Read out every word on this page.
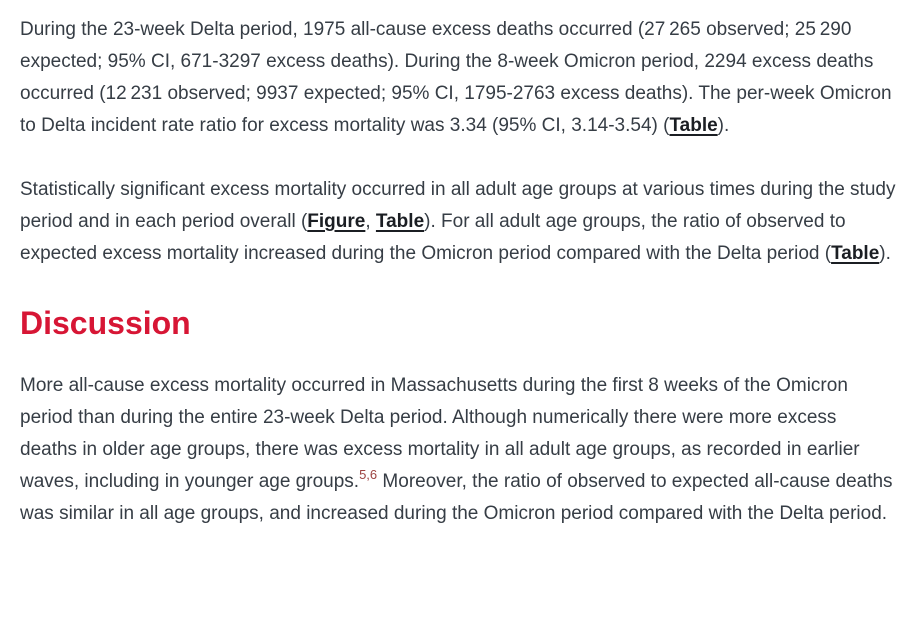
During the 23-week Delta period, 1975 all-cause excess deaths occurred (27 265 observed; 25 290 expected; 95% CI, 671-3297 excess deaths). During the 8-week Omicron period, 2294 excess deaths occurred (12 231 observed; 9937 expected; 95% CI, 1795-2763 excess deaths). The per-week Omicron to Delta incident rate ratio for excess mortality was 3.34 (95% CI, 3.14-3.54) (Table).

Statistically significant excess mortality occurred in all adult age groups at various times during the study period and in each period overall (Figure, Table). For all adult age groups, the ratio of observed to expected excess mortality increased during the Omicron period compared with the Delta period (Table).

Discussion

More all-cause excess mortality occurred in Massachusetts during the first 8 weeks of the Omicron period than during the entire 23-week Delta period. Although numerically there were more excess deaths in older age groups, there was excess mortality in all adult age groups, as recorded in earlier waves, including in younger age groups.$^{5,6}$ Moreover, the ratio of observed to expected all-cause deaths was similar in all age groups, and increased during the Omicron period compared with the Delta period.
